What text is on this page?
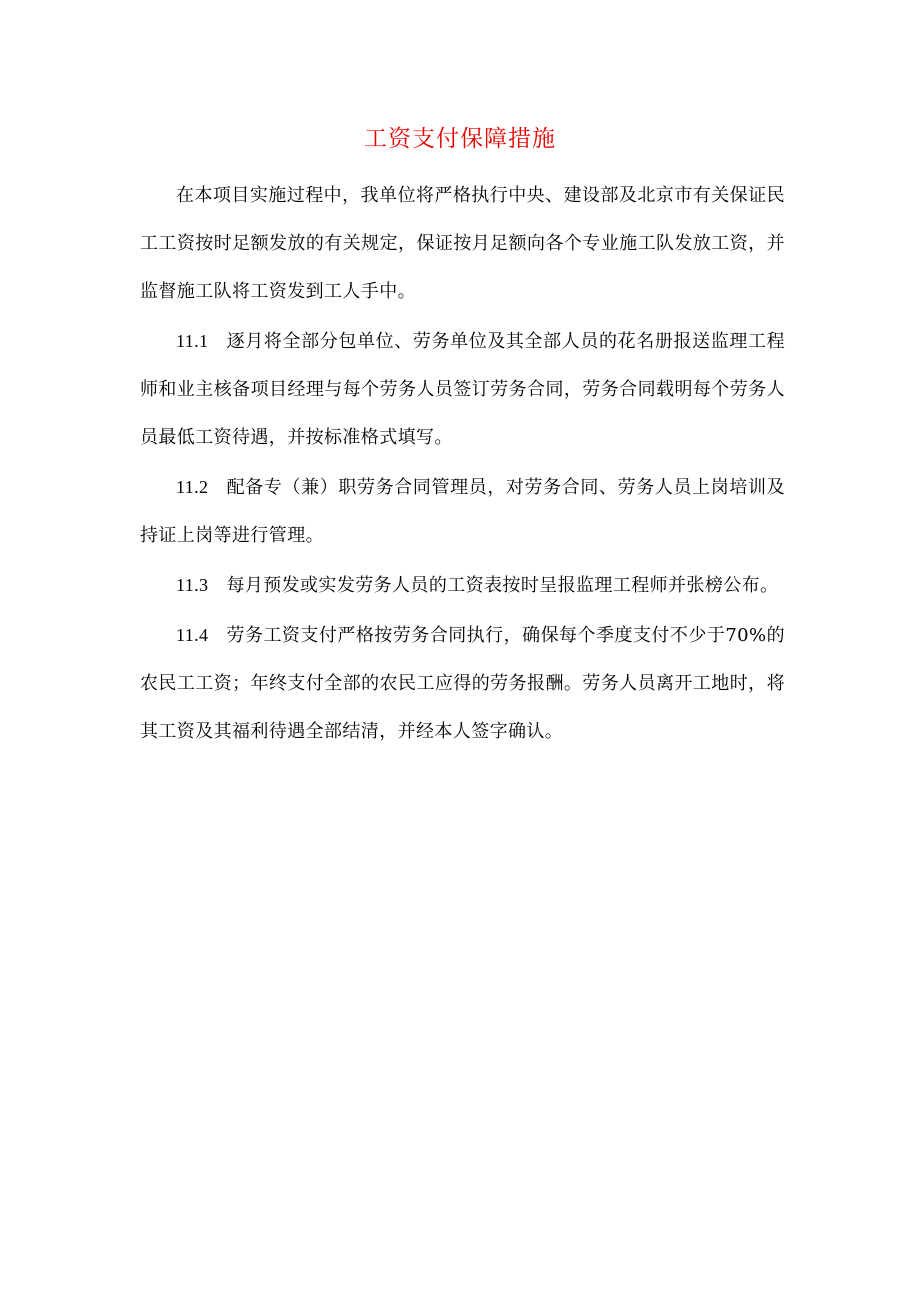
工资支付保障措施

在本项目实施过程中，我单位将严格执行中央、建设部及北京市有关保证民工工资按时足额发放的有关规定，保证按月足额向各个专业施工队发放工资，并监督施工队将工资发到工人手中。

11.1 逐月将全部分包单位、劳务单位及其全部人员的花名册报送监理工程师和业主核备项目经理与每个劳务人员签订劳务合同，劳务合同载明每个劳务人员最低工资待遇，并按标准格式填写。

11.2 配备专（兼）职劳务合同管理员，对劳务合同、劳务人员上岗培训及持证上岗等进行管理。

11.3 每月预发或实发劳务人员的工资表按时呈报监理工程师并张榜公布。

11.4 劳务工资支付严格按劳务合同执行，确保每个季度支付不少于70%的农民工工资；年终支付全部的农民工应得的劳务报酬。劳务人员离开工地时，将其工资及其福利待遇全部结清，并经本人签字确认。
